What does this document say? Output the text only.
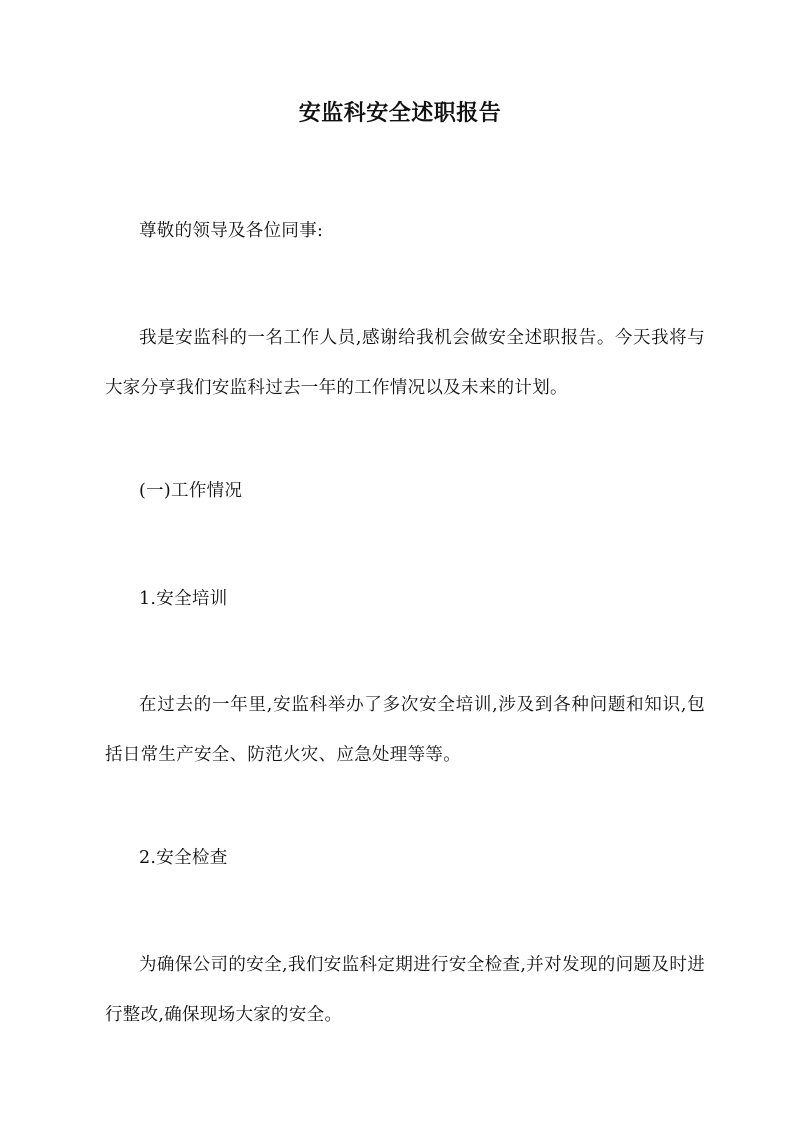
安监科安全述职报告
尊敬的领导及各位同事:
我是安监科的一名工作人员,感谢给我机会做安全述职报告。今天我将与大家分享我们安监科过去一年的工作情况以及未来的计划。
(一)工作情况
1.安全培训
在过去的一年里,安监科举办了多次安全培训,涉及到各种问题和知识,包括日常生产安全、防范火灾、应急处理等等。
2.安全检查
为确保公司的安全,我们安监科定期进行安全检查,并对发现的问题及时进行整改,确保现场大家的安全。
